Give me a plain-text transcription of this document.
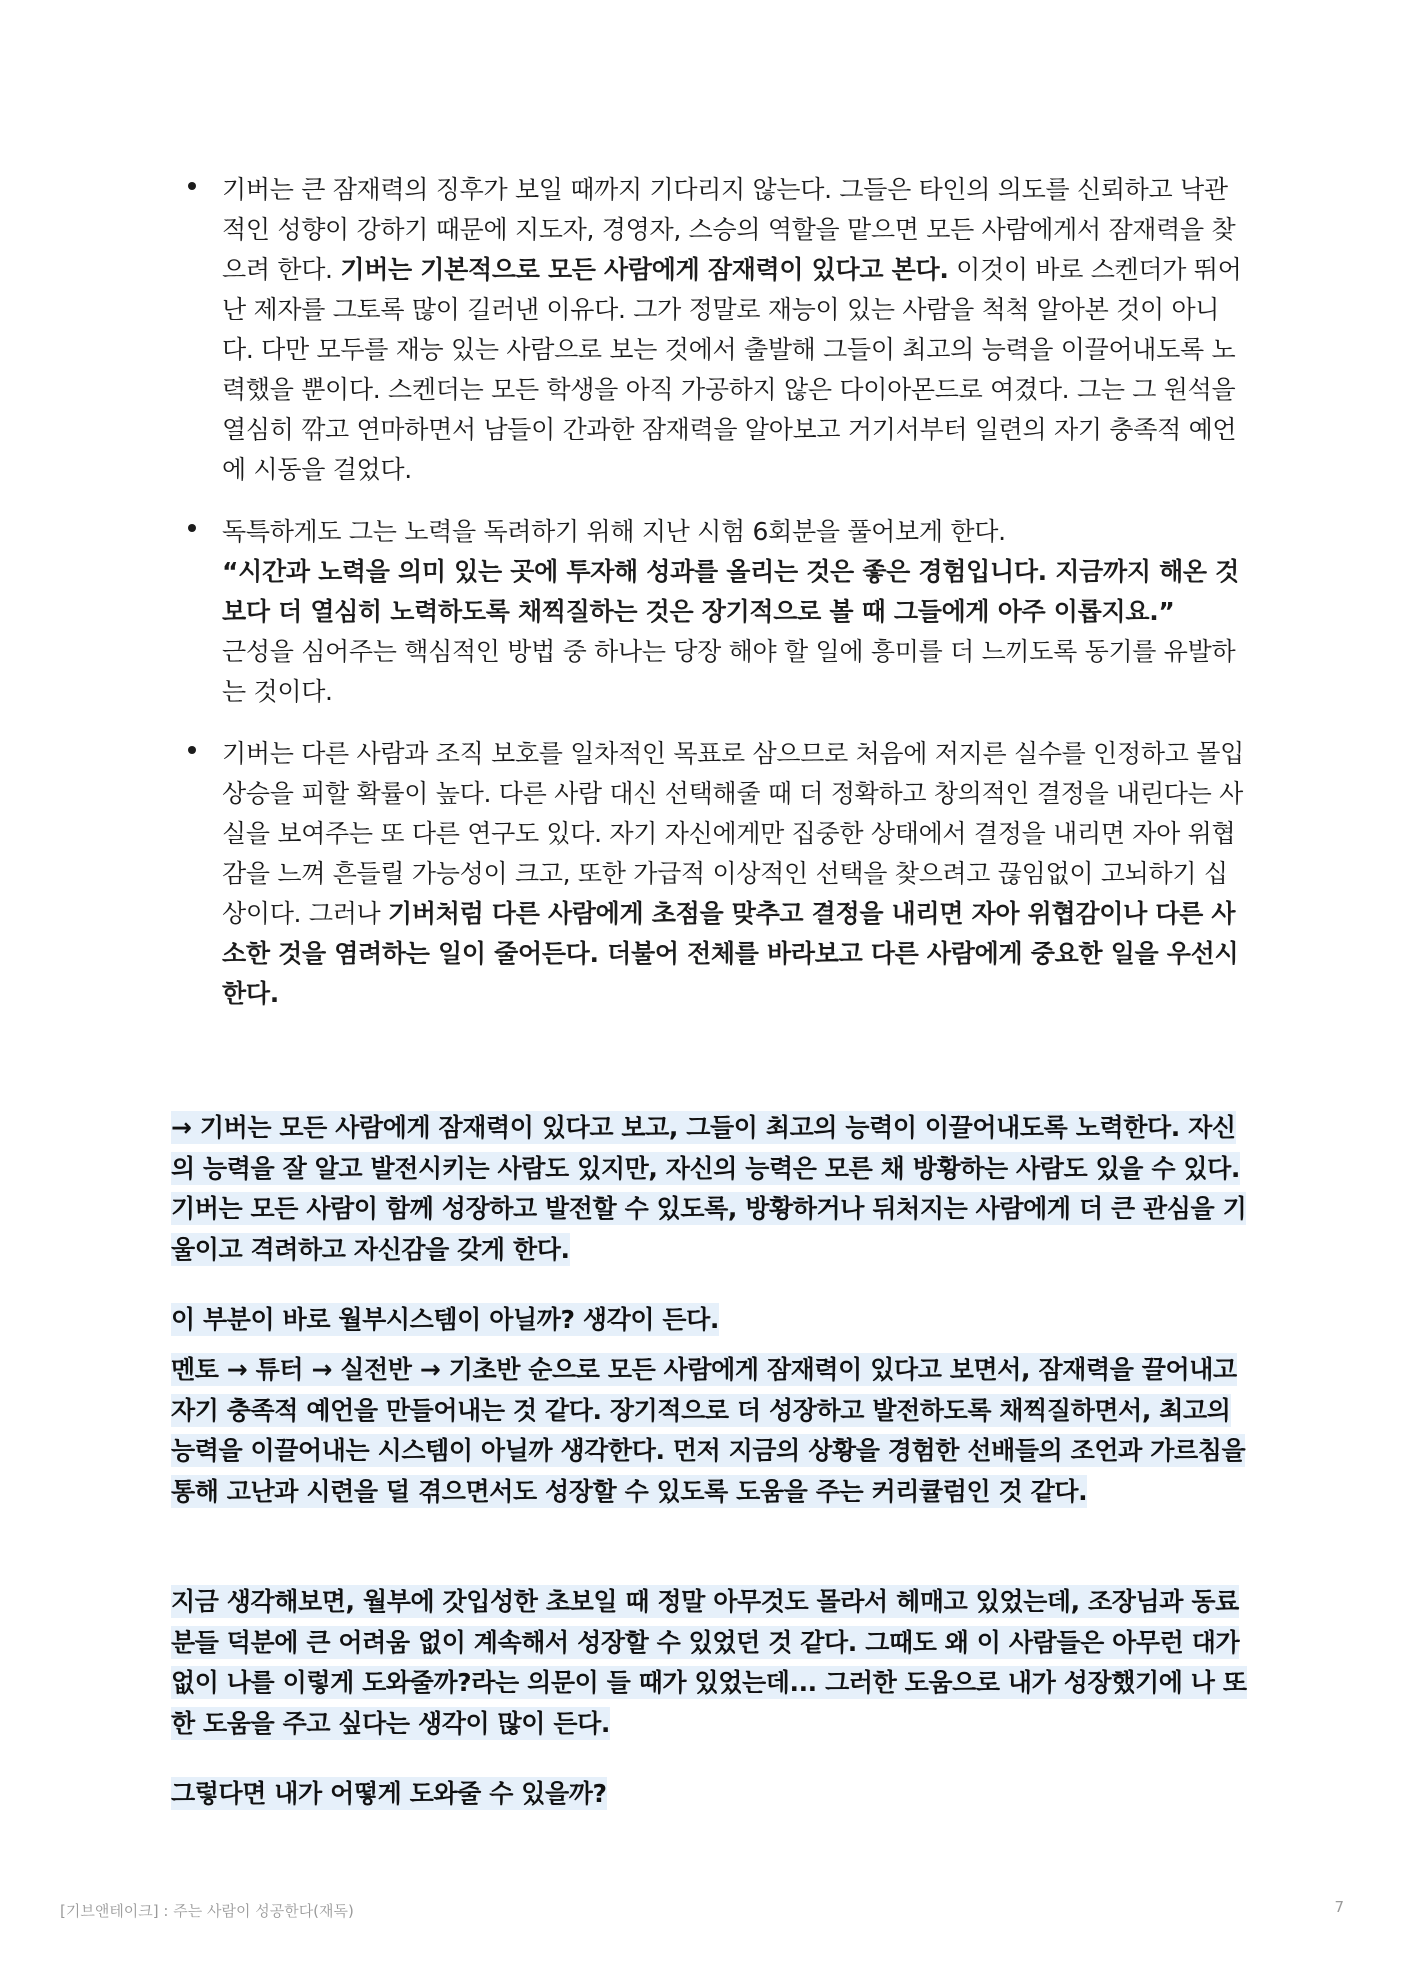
기버는 큰 잠재력의 징후가 보일 때까지 기다리지 않는다. 그들은 타인의 의도를 신뢰하고 낙관적인 성향이 강하기 때문에 지도자, 경영자, 스승의 역할을 맡으면 모든 사람에게서 잠재력을 찾으려 한다. 기버는 기본적으로 모든 사람에게 잠재력이 있다고 본다. 이것이 바로 스켄더가 뛰어난 제자를 그토록 많이 길러낸 이유다. 그가 정말로 재능이 있는 사람을 척척 알아본 것이 아니다. 다만 모두를 재능 있는 사람으로 보는 것에서 출발해 그들이 최고의 능력을 이끌어내도록 노력했을 뿐이다. 스켄더는 모든 학생을 아직 가공하지 않은 다이아몬드로 여겼다. 그는 그 원석을 열심히 깎고 연마하면서 남들이 간과한 잠재력을 알아보고 거기서부터 일련의 자기 충족적 예언에 시동을 걸었다.

독특하게도 그는 노력을 독려하기 위해 지난 시험 6회분을 풀어보게 한다.

“시간과 노력을 의미 있는 곳에 투자해 성과를 올리는 것은 좋은 경험입니다. 지금까지 해온 것보다 더 열심히 노력하도록 채찍질하는 것은 장기적으로 볼 때 그들에게 아주 이롭지요.”

근성을 심어주는 핵심적인 방법 중 하나는 당장 해야 할 일에 흥미를 더 느끼도록 동기를 유발하는 것이다.

기버는 다른 사람과 조직 보호를 일차적인 목표로 삼으므로 처음에 저지른 실수를 인정하고 몰입 상승을 피할 확률이 높다. 다른 사람 대신 선택해줄 때 더 정확하고 창의적인 결정을 내린다는 사실을 보여주는 또 다른 연구도 있다. 자기 자신에게만 집중한 상태에서 결정을 내리면 자아 위협감을 느껴 흔들릴 가능성이 크고, 또한 가급적 이상적인 선택을 찾으려고 끊임없이 고뇌하기 십상이다. 그러나 기버처럼 다른 사람에게 초점을 맞추고 결정을 내리면 자아 위협감이나 다른 사소한 것을 염려하는 일이 줄어든다. 더불어 전체를 바라보고 다른 사람에게 중요한 일을 우선시한다.

→ 기버는 모든 사람에게 잠재력이 있다고 보고, 그들이 최고의 능력이 이끌어내도록 노력한다. 자신의 능력을 잘 알고 발전시키는 사람도 있지만, 자신의 능력은 모른 채 방황하는 사람도 있을 수 있다. 기버는 모든 사람이 함께 성장하고 발전할 수 있도록, 방황하거나 뒤처지는 사람에게 더 큰 관심을 기울이고 격려하고 자신감을 갖게 한다.

이 부분이 바로 월부시스템이 아닐까? 생각이 든다.

멘토 → 튜터 → 실전반 → 기초반 순으로 모든 사람에게 잠재력이 있다고 보면서, 잠재력을 끌어내고 자기 충족적 예언을 만들어내는 것 같다. 장기적으로 더 성장하고 발전하도록 채찍질하면서, 최고의 능력을 이끌어내는 시스템이 아닐까 생각한다. 먼저 지금의 상황을 경험한 선배들의 조언과 가르침을 통해 고난과 시련을 덜 겪으면서도 성장할 수 있도록 도움을 주는 커리큘럼인 것 같다.

지금 생각해보면, 월부에 갓입성한 초보일 때 정말 아무것도 몰라서 헤매고 있었는데, 조장님과 동료분들 덕분에 큰 어려움 없이 계속해서 성장할 수 있었던 것 같다. 그때도 왜 이 사람들은 아무런 대가없이 나를 이렇게 도와줄까?라는 의문이 들 때가 있었는데... 그러한 도움으로 내가 성장했기에 나 또한 도움을 주고 싶다는 생각이 많이 든다.

그렇다면 내가 어떻게 도와줄 수 있을까?

[기브앤테이크] : 주는 사람이 성공한다(재독)	7
